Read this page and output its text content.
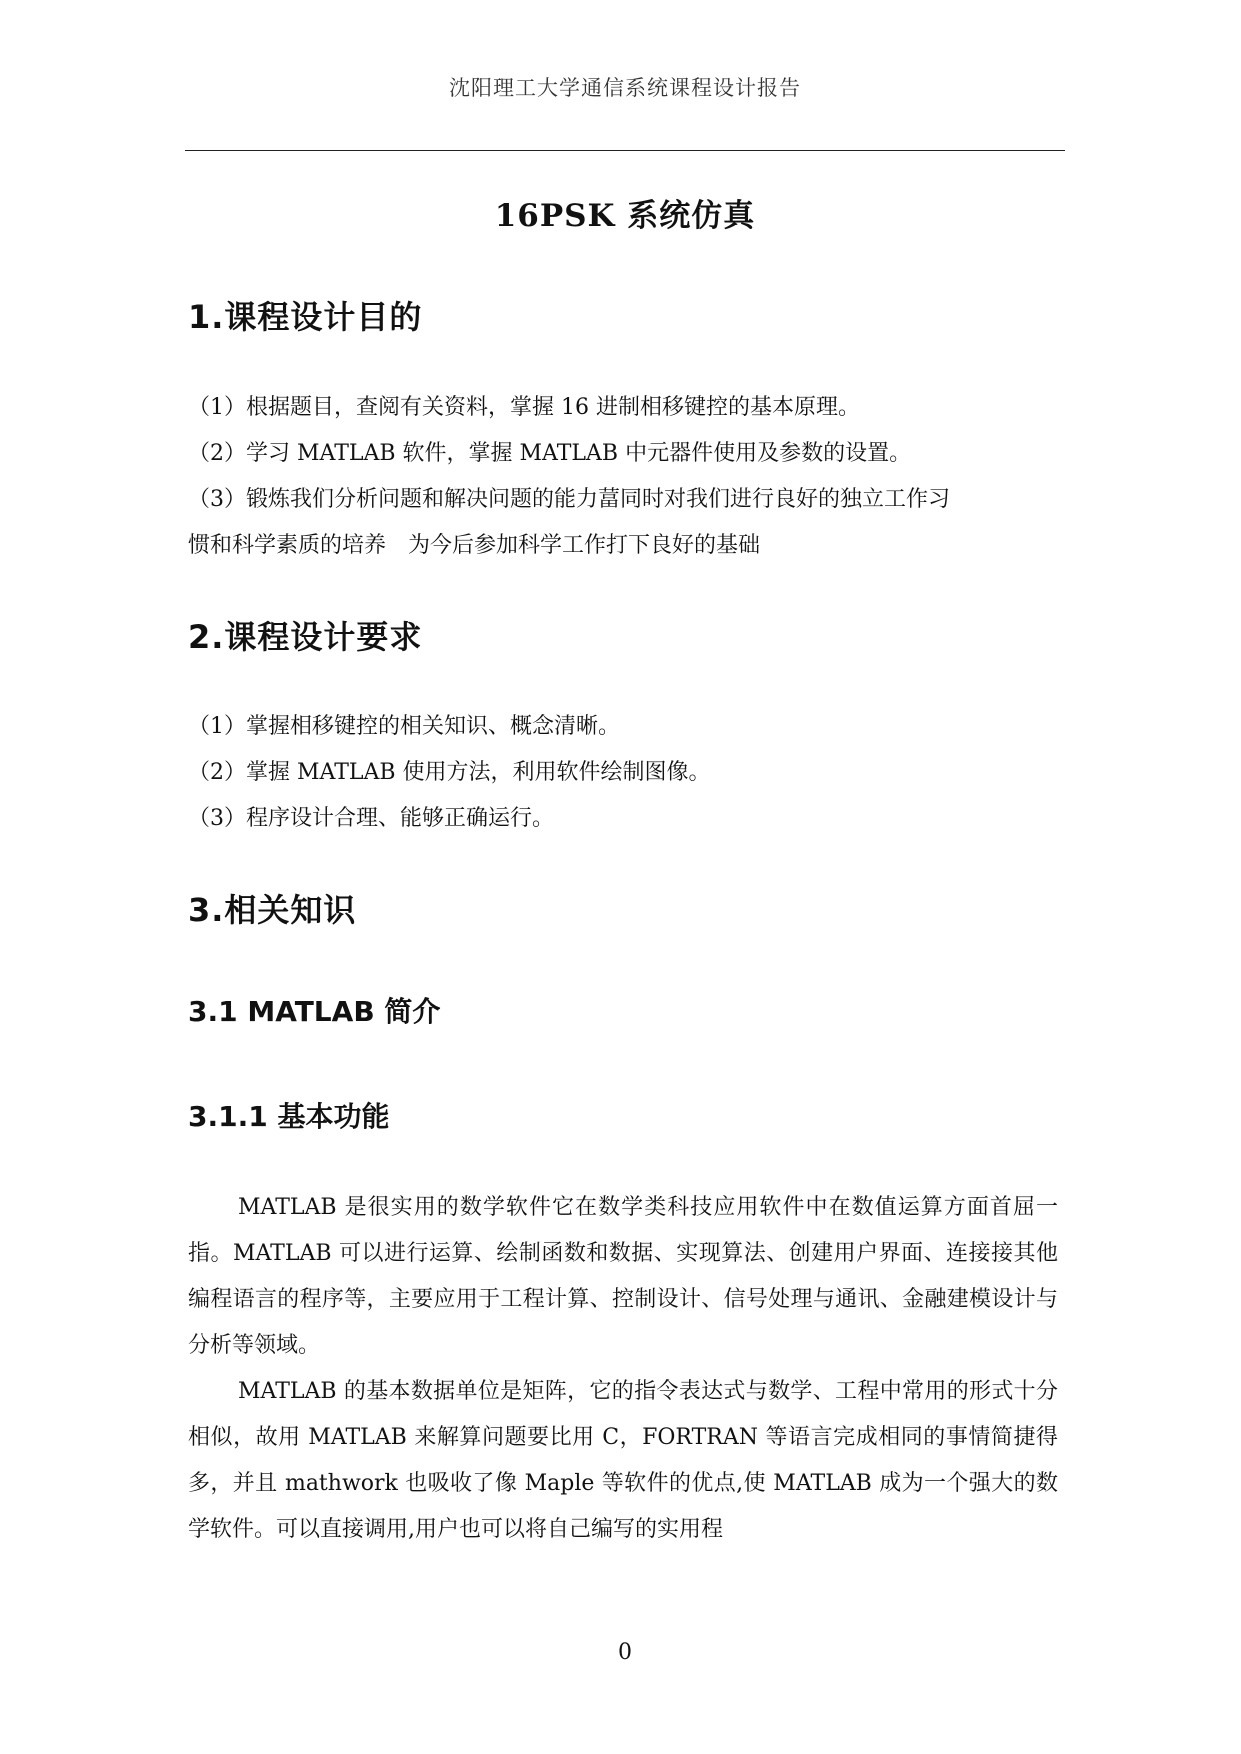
沈阳理工大学通信系统课程设计报告
16PSK 系统仿真
1.课程设计目的
（1）根据题目，查阅有关资料，掌握 16 进制相移键控的基本原理。
（2）学习 MATLAB 软件，掌握 MATLAB 中元器件使用及参数的设置。
（3）锻炼我们分析问题和解决问题的能力葍同时对我们进行良好的独立工作习
惯和科学素质的培养　为今后参加科学工作打下良好的基础
2.课程设计要求
（1）掌握相移键控的相关知识、概念清晰。
（2）掌握 MATLAB 使用方法，利用软件绘制图像。
（3）程序设计合理、能够正确运行。
3.相关知识
3.1 MATLAB 简介
3.1.1 基本功能
MATLAB 是很实用的数学软件它在数学类科技应用软件中在数值运算方面首屈一指。MATLAB 可以进行运算、绘制函数和数据、实现算法、创建用户界面、连接接其他编程语言的程序等，主要应用于工程计算、控制设计、信号处理与通讯、金融建模设计与分析等领域。
MATLAB 的基本数据单位是矩阵，它的指令表达式与数学、工程中常用的形式十分相似，故用 MATLAB 来解算问题要比用 C，FORTRAN 等语言完成相同的事情简捷得多，并且 mathwork 也吸收了像 Maple 等软件的优点,使 MATLAB 成为一个强大的数学软件。可以直接调用,用户也可以将自己编写的实用程
0
